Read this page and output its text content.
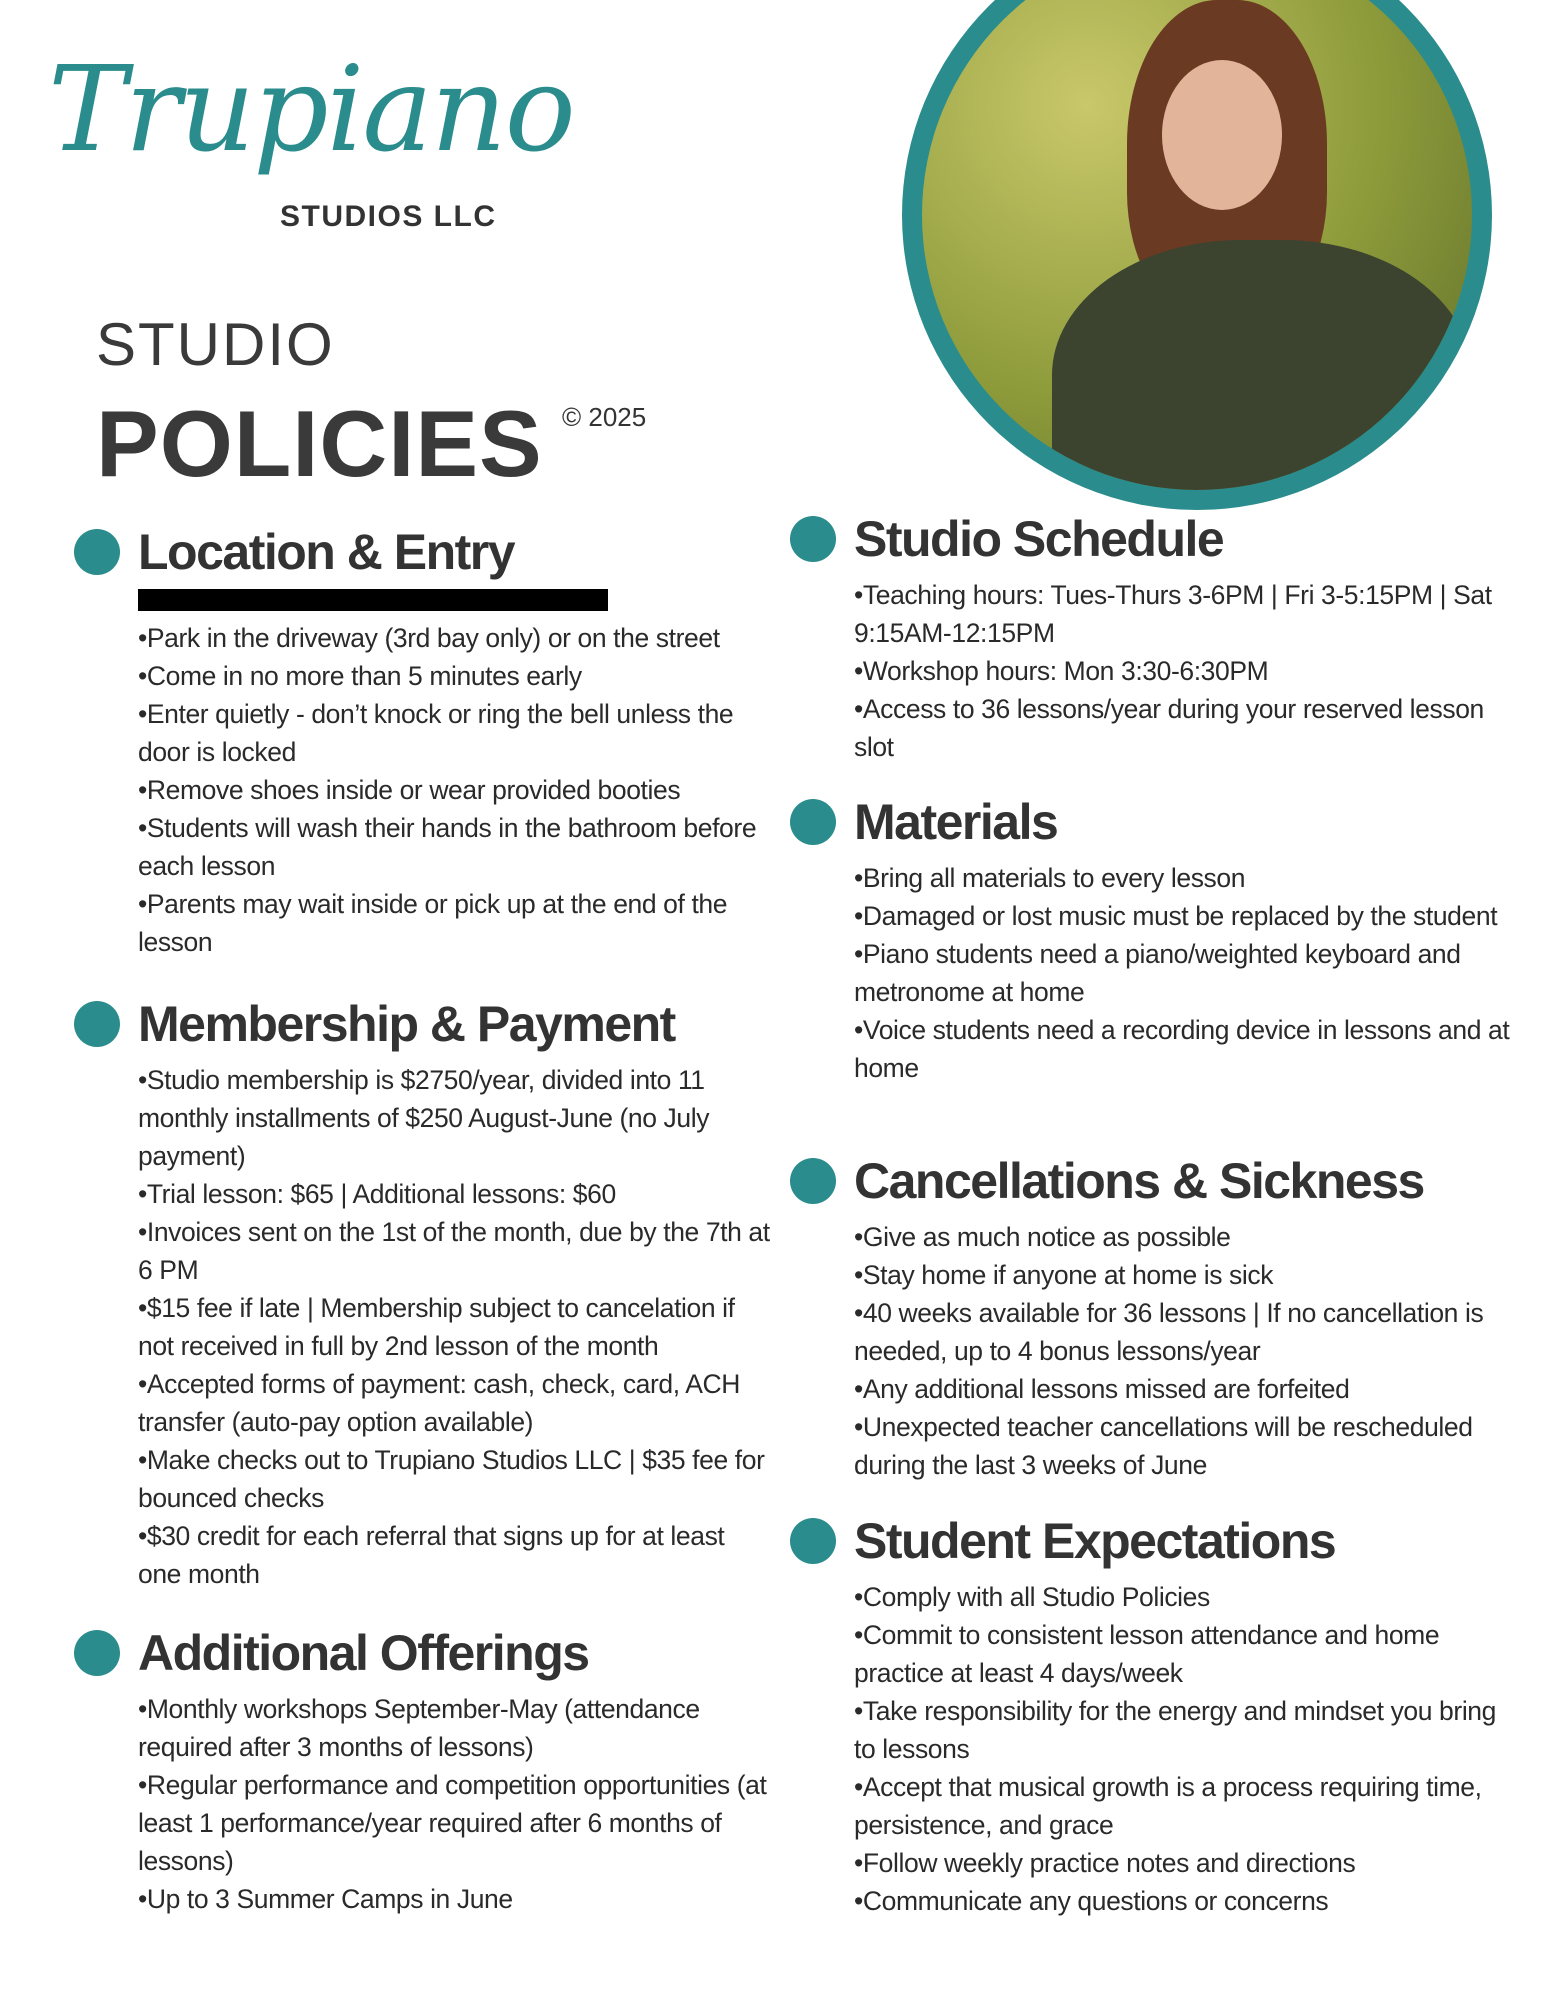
Trupiano
STUDIOS LLC
STUDIO
POLICIES © 2025
Location & Entry
•Park in the driveway (3rd bay only) or on the street
•Come in no more than 5 minutes early
•Enter quietly - don’t knock or ring the bell unless the door is locked
•Remove shoes inside or wear provided booties
•Students will wash their hands in the bathroom before each lesson
•Parents may wait inside or pick up at the end of the lesson
Membership & Payment
•Studio membership is $2750/year, divided into 11 monthly installments of $250 August-June (no July payment)
•Trial lesson: $65 | Additional lessons: $60
•Invoices sent on the 1st of the month, due by the 7th at 6 PM
•$15 fee if late | Membership subject to cancelation if not received in full by 2nd lesson of the month
•Accepted forms of payment: cash, check, card, ACH transfer (auto-pay option available)
•Make checks out to Trupiano Studios LLC | $35 fee for bounced checks
•$30 credit for each referral that signs up for at least one month
Additional Offerings
•Monthly workshops September-May (attendance required after 3 months of lessons)
•Regular performance and competition opportunities (at least 1 performance/year required after 6 months of lessons)
•Up to 3 Summer Camps in June
Studio Schedule
•Teaching hours: Tues-Thurs 3-6PM | Fri 3-5:15PM | Sat 9:15AM-12:15PM
•Workshop hours: Mon 3:30-6:30PM
•Access to 36 lessons/year during your reserved lesson slot
Materials
•Bring all materials to every lesson
•Damaged or lost music must be replaced by the student
•Piano students need a piano/weighted keyboard and metronome at home
•Voice students need a recording device in lessons and at home
Cancellations & Sickness
•Give as much notice as possible
•Stay home if anyone at home is sick
•40 weeks available for 36 lessons | If no cancellation is needed, up to 4 bonus lessons/year
•Any additional lessons missed are forfeited
•Unexpected teacher cancellations will be rescheduled during the last 3 weeks of June
Student Expectations
•Comply with all Studio Policies
•Commit to consistent lesson attendance and home practice at least 4 days/week
•Take responsibility for the energy and mindset you bring to lessons
•Accept that musical growth is a process requiring time, persistence, and grace
•Follow weekly practice notes and directions
•Communicate any questions or concerns
